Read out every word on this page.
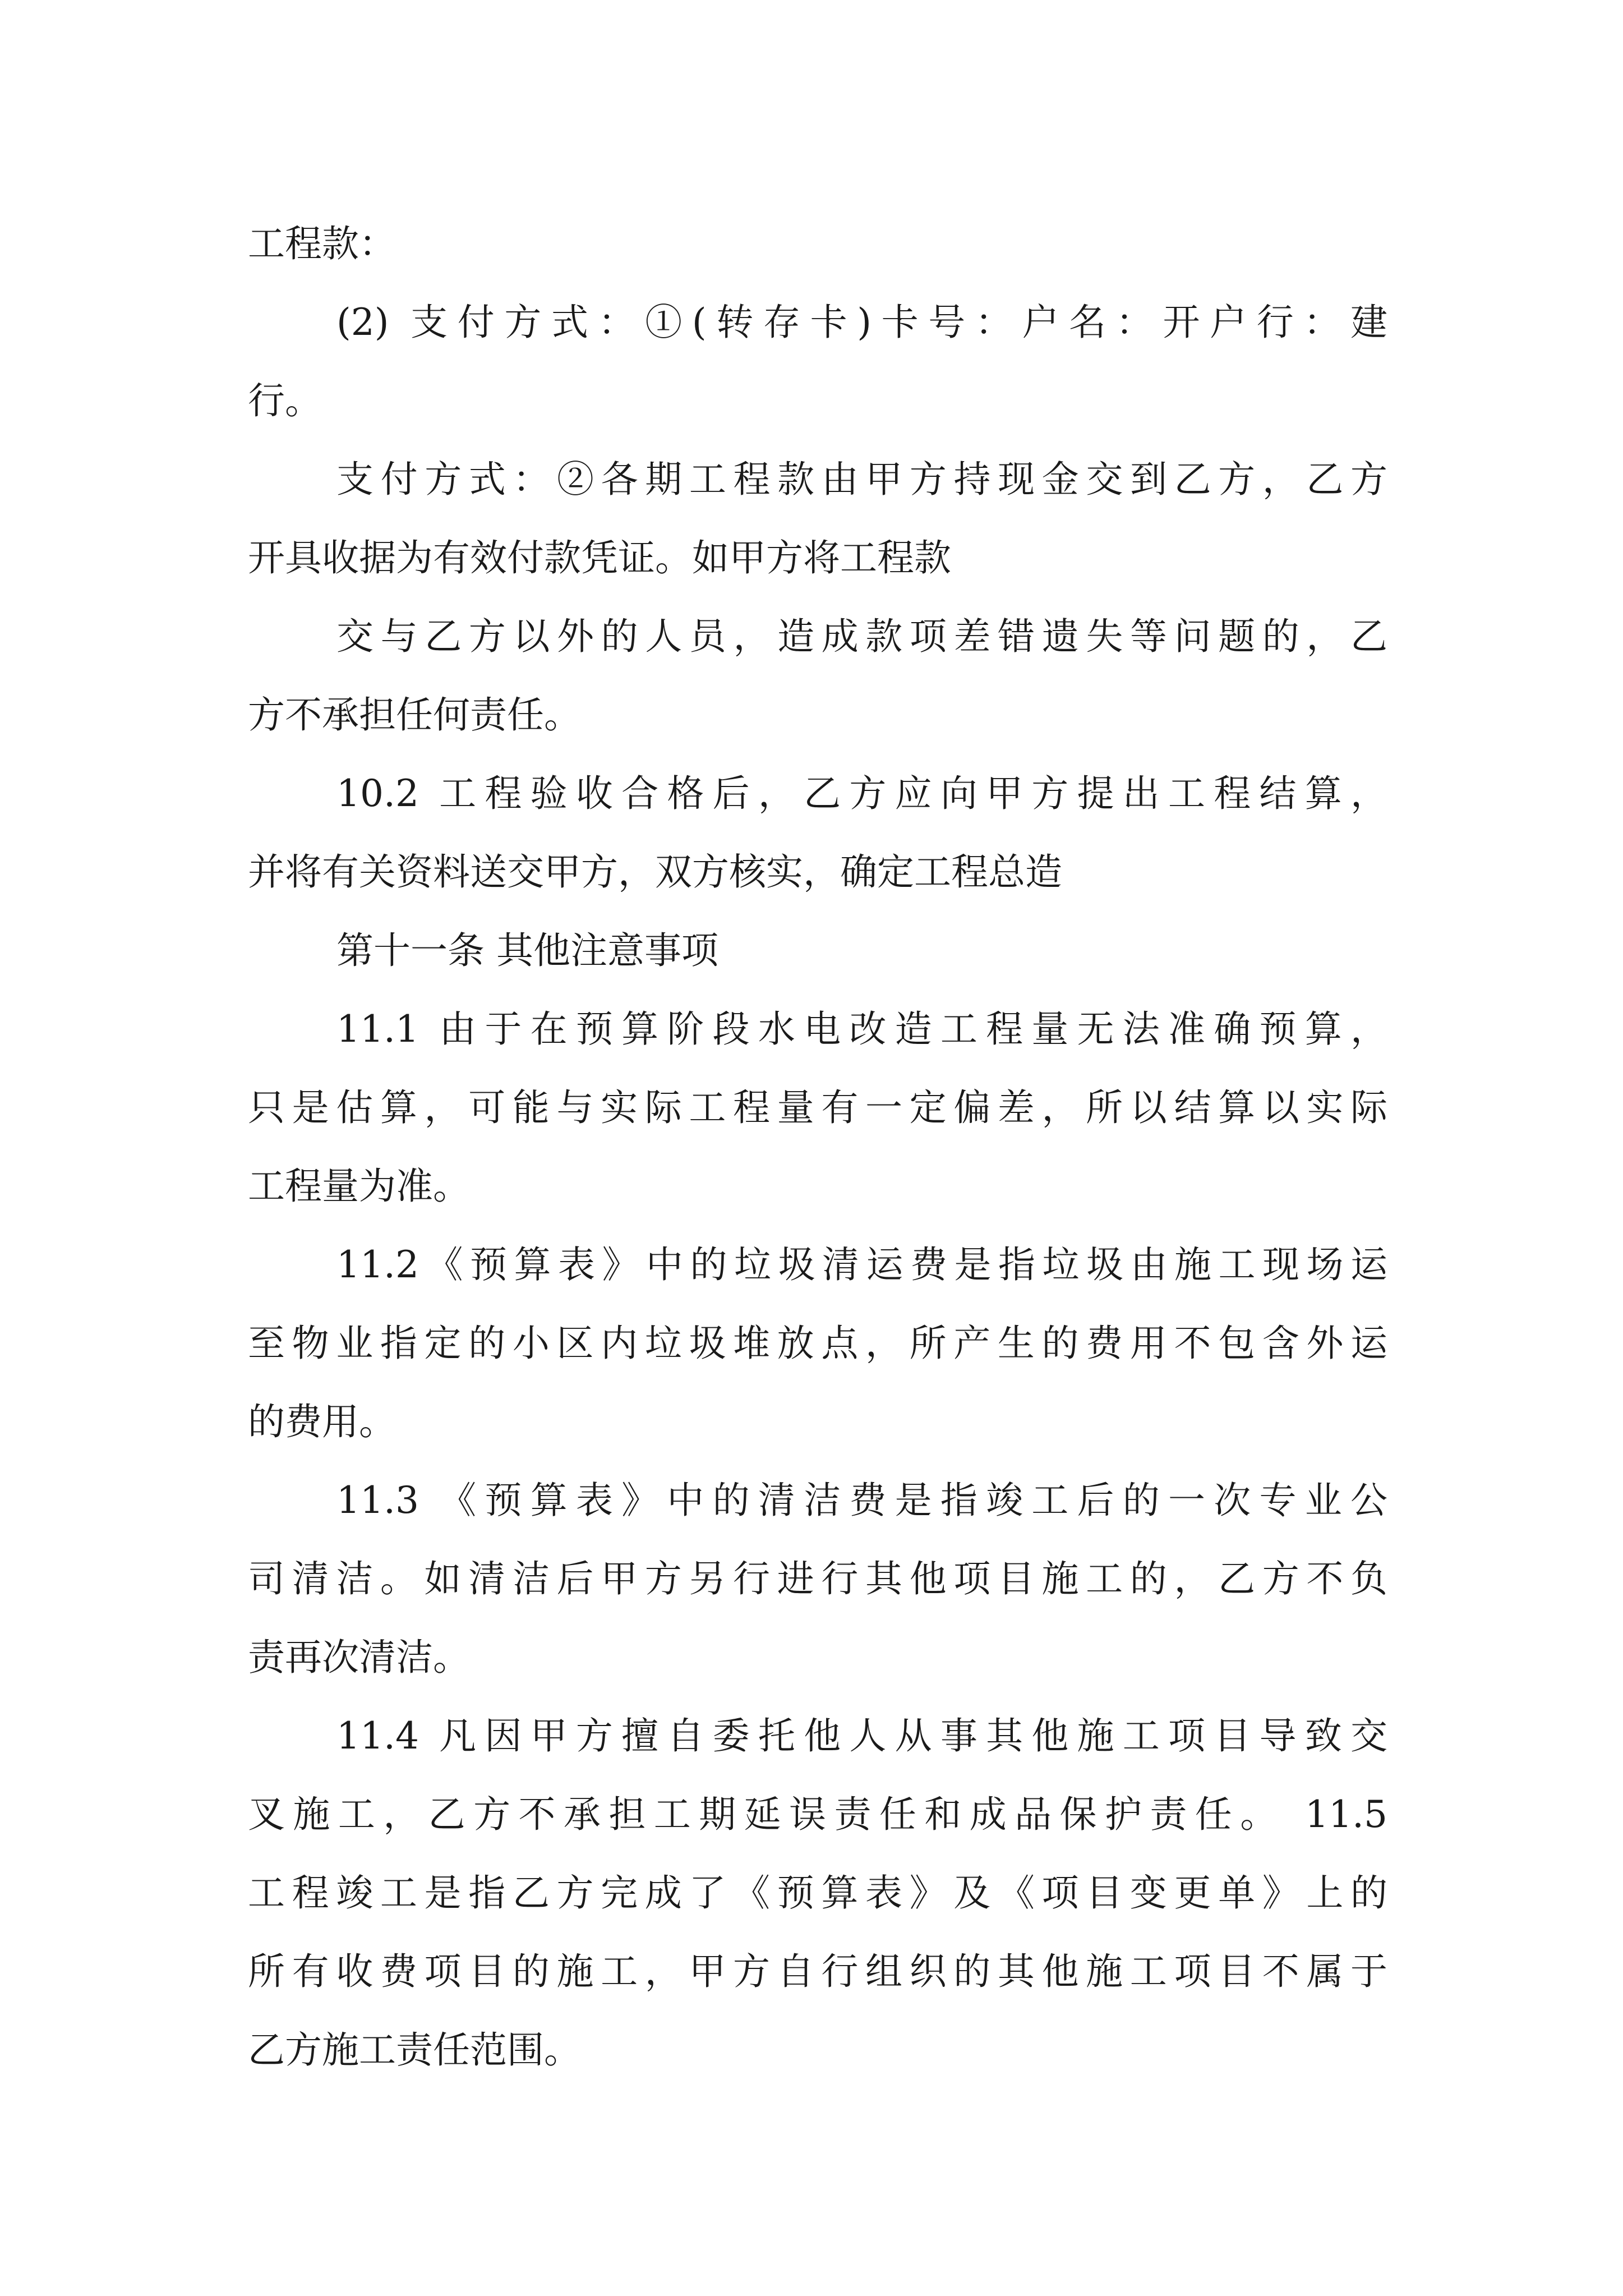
工程款：

(2) 支付方式：①(转存卡)卡号：户名：开户行：建

行。

支付方式：②各期工程款由甲方持现金交到乙方，乙方

开具收据为有效付款凭证。如甲方将工程款

交与乙方以外的人员，造成款项差错遗失等问题的，乙

方不承担任何责任。

10.2 工程验收合格后，乙方应向甲方提出工程结算，

并将有关资料送交甲方，双方核实，确定工程总造

第十一条 其他注意事项

11.1 由于在预算阶段水电改造工程量无法准确预算，

只是估算，可能与实际工程量有一定偏差，所以结算以实际

工程量为准。

11.2《预算表》中的垃圾清运费是指垃圾由施工现场运

至物业指定的小区内垃圾堆放点，所产生的费用不包含外运

的费用。

11.3 《预算表》中的清洁费是指竣工后的一次专业公

司清洁。如清洁后甲方另行进行其他项目施工的，乙方不负

责再次清洁。

11.4 凡因甲方擅自委托他人从事其他施工项目导致交

叉施工，乙方不承担工期延误责任和成品保护责任。 11.5

工程竣工是指乙方完成了《预算表》及《项目变更单》上的

所有收费项目的施工，甲方自行组织的其他施工项目不属于

乙方施工责任范围。
